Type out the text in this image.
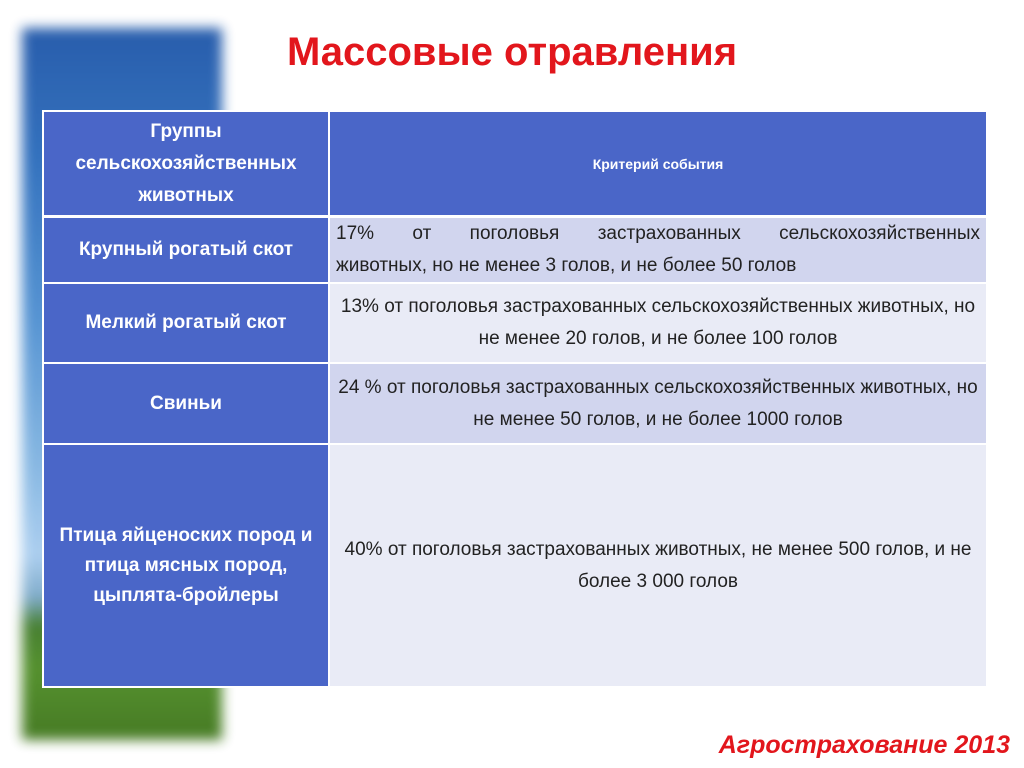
Массовые отравления
Группы сельскохозяйственных животных	Критерий события
Крупный рогатый скот	17% от поголовья застрахованных сельскохозяйственных
животных, но не менее 3 голов, и не более 50 голов

Мелкий рогатый скот	13% от поголовья застрахованных сельскохозяйственных животных, но не менее 20 голов, и не более 100 голов
Свиньи	24 % от поголовья застрахованных сельскохозяйственных животных, но не менее 50 голов, и не более 1000 голов
Птица яйценоских пород и птица мясных пород, цыплята-бройлеры	40% от поголовья застрахованных животных, не менее 500 голов, и не более 3 000 голов
Агрострахование 2013
